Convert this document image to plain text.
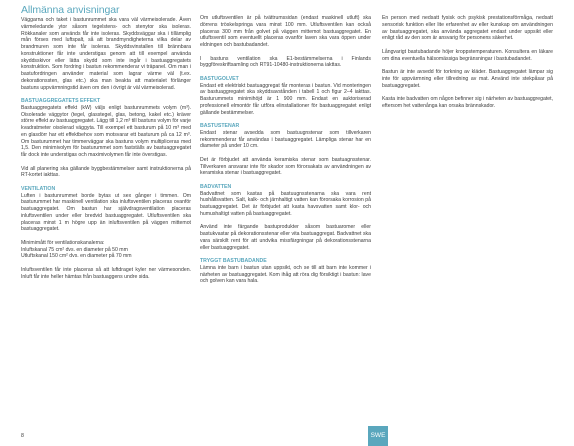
Allmänna anvisningar

Väggarna och taket i bastunrummet ska vara väl värmeisolerade. Även värmeledande ytor såsom tegelstens- och stenytor ska isoleras. Rökkanaler som används får inte isoleras. Skyddsväggar ska i tillämplig mån förses med luftspalt, så att brandmyndigheterna vilka delar av brandmuren som inte får isoleras. Skyddsvinstallen till brännbara konstruktioner får inte understigas genom att till exempel använda skyddsskivor eller lätta skydd som inte ingår i bastuaggregatets konstruktion. Som fordring i bastun rekommenderar vi träpanel. Om man i bastufordringen använder material som lagrar värme väl (t.ex. dekorationssten, glas etc.) ska man beakta att materialet förlänger bastuns uppvärmningstid även om den i övrigt är väl värmeisolerad.

BASTUAGGREGATETS EFFEKT

Bastuaggregatets effekt (kW) väljs enligt bastunrummets volym (m³). Oisolerade väggytor (tegel, glasstegel, glas, betong, kakel etc.) kräver större effekt av bastuaggregatet. Lägg till 1,2 m³ till bastuns volym för varje kvadratmeter oisolerad väggyta. Till exempel ett basturum på 10 m³ med en glasdörr har ett effektbehov som motsvarar ett basturum på ca 12 m³. Om basturummet har timmerväggar ska bastuns volym multipliceras med 1,5. Den minimivolym för basturummet som fastställs av bastuaggregatet får dock inte understigas och maximivolymen får inte överstigas.

Vid all planering ska gällande byggbestämmelser samt instruktionerna på RT-kortet iakttas.

VENTILATION

Luften i bastunrummet borde bytas ut sex gånger i timmen. Om basturummet har maskinell ventilation ska inluftsventilen placeras ovanför bastuaggregatet. Om bastun har självdragsventilation placeras inluftsventilen under eller bredvid bastuaggregatet. Utluftsventilen ska placeras minst 1 m högre upp än inluftsventilen på väggen mittemot bastuaggregatet.

Minimimått för ventilationskanalerna:

Inluftskanal 75 cm² dvs. en diameter på 50 mm

Utluftskanal 150 cm² dvs. en diameter på 70 mm

Inluftsventilen får inte placeras så att luftdraget kyler ner värmesonden. Inluft får inte heller hämtas från bastuaggens undre sida.

Om utluftsventilen är på tvättrumssidan (endast maskinell utluft) ska dörrens tröskelspringa vara minst 100 mm. Utluftsventilen kan också placeras 300 mm från golvet på väggen mittemot bastuaggregatet. En utluftsventil som eventuellt placeras ovanför laven ska vara öppen under eldningen och bastubadandet.

I bastuns ventilation ska E1-bestämmelserna i Finlands byggföreskriftsamling och RT91-10480-instruktionerna iakttas.

BASTUGOLVET

Endast ett elektriskt bastuaggregat får monteras i bastun. Vid monteringen av bastuaggregatet ska skyddsavstånden i tabell 1 och figur 2–4 iakttas. Basturummets minimihöjd är 1 900 mm. Endast en auktoriserad professionell elmontör får utföra elinstallationer för bastuaggregatet enligt gällande bestämmelser.

BASTUSTENAR

Endast stenar avsedda som bastuugnstenar som tillverkaren rekommenderar får användas i bastuaggregatet. Lämpliga stenar har en diameter på under 10 cm.

Det är förbjudet att använda keramiska stenar som bastuagnsstenar. Tillverkaren ansvarar inte för skador som förorsakats av användningen av keramiska stenar i bastuaggregatet.

BADVATTEN

Badvattnet som kastas på bastuugnsstenarna ska vara rent hushållsvatten. Salt, kalk- och järnhaltigt vatten kan förorsaka korrosion på bastuaggregatet. Det är förbjudet att kasta havsvatten samt klor- och humushaltigt vatten på bastuaggregatet.

Använd inte färgande bastuprodukter såsom bastuaromer eller bastukvastar på dekorationsstenar eller vita bastuaggregat. Badvattnet ska vara särskilt rent för att undvika missfärgningar på dekorationsstenarna eller bastuaggregatet.

TRYGGT BASTUBADANDE

Lämna inte barn i bastun utan uppsikt, och se till att barn inte kommer i närheten av bastuaggregatet. Kom ihåg att röra dig försiktigt i bastun: lave och golven kan vara hala.

En person med nedsatt fysisk och psykisk prestationsförmåga, nedsatt sensorisk funktion eller lite erfarenhet av eller kunskap om användningen av bastuaggregatet, ska använda aggregatet endast under uppsikt eller enligt råd av den som är ansvarig för personens säkerhet.

Långvarigt bastubadande höjer kroppstemperaturen. Konsultera en läkare om dina eventuella hälsomässiga begränsningar i bastubadandet.

Bastun är inte avsedd för torkning av kläder. Bastuaggregatet lämpar sig inte för uppvärmning eller tillredning av mat. Använd inte stekpåsar på bastuaggregatet.

Kasta inte badvatten om någon befinner sig i närheten av bastuaggregatet, eftersom het vattenånga kan orsaka brännskador.

8	SWE
